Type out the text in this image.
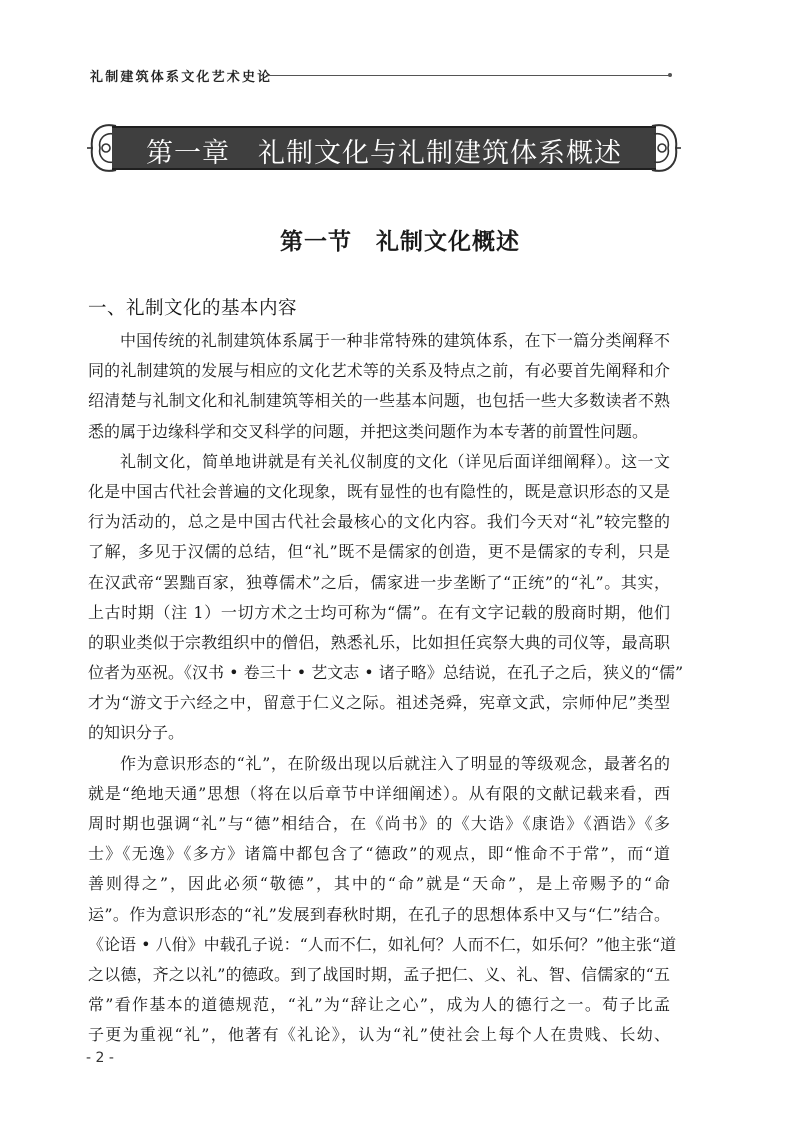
礼制建筑体系文化艺术史论
第一章　礼制文化与礼制建筑体系概述
第一节　礼制文化概述
一、礼制文化的基本内容

中国传统的礼制建筑体系属于一种非常特殊的建筑体系，在下一篇分类阐释不
同的礼制建筑的发展与相应的文化艺术等的关系及特点之前，有必要首先阐释和介
绍清楚与礼制文化和礼制建筑等相关的一些基本问题，也包括一些大多数读者不熟
悉的属于边缘科学和交叉科学的问题，并把这类问题作为本专著的前置性问题。

礼制文化，简单地讲就是有关礼仪制度的文化（详见后面详细阐释）。这一文
化是中国古代社会普遍的文化现象，既有显性的也有隐性的，既是意识形态的又是
行为活动的，总之是中国古代社会最核心的文化内容。我们今天对“礼”较完整的
了解，多见于汉儒的总结，但“礼”既不是儒家的创造，更不是儒家的专利，只是
在汉武帝“罢黜百家，独尊儒术”之后，儒家进一步垄断了“正统”的“礼”。其实，
上古时期（注 1）一切方术之士均可称为“儒”。在有文字记载的殷商时期，他们
的职业类似于宗教组织中的僧侣，熟悉礼乐，比如担任宾祭大典的司仪等，最高职
位者为巫祝。《汉书 • 卷三十 • 艺文志 • 诸子略》总结说，在孔子之后，狭义的“儒”
才为“游文于六经之中，留意于仁义之际。祖述尧舜，宪章文武，宗师仲尼”类型
的知识分子。

作为意识形态的“礼”，在阶级出现以后就注入了明显的等级观念，最著名的
就是“绝地天通”思想（将在以后章节中详细阐述）。从有限的文献记载来看，西
周时期也强调“礼”与“德”相结合，在《尚书》的《大诰》《康诰》《酒诰》《多
士》《无逸》《多方》诸篇中都包含了“德政”的观点，即“惟命不于常”，而“道
善则得之”，因此必须“敬德”，其中的“命”就是“天命”，是上帝赐予的“命
运”。作为意识形态的“礼”发展到春秋时期，在孔子的思想体系中又与“仁”结合。
《论语 • 八佾》中载孔子说：“人而不仁，如礼何？人而不仁，如乐何？”他主张“道
之以德，齐之以礼”的德政。到了战国时期，孟子把仁、义、礼、智、信儒家的“五
常”看作基本的道德规范，“礼”为“辞让之心”，成为人的德行之一。荀子比孟
子更为重视“礼”，他著有《礼论》，认为“礼”使社会上每个人在贵贱、长幼、

- 2 -
